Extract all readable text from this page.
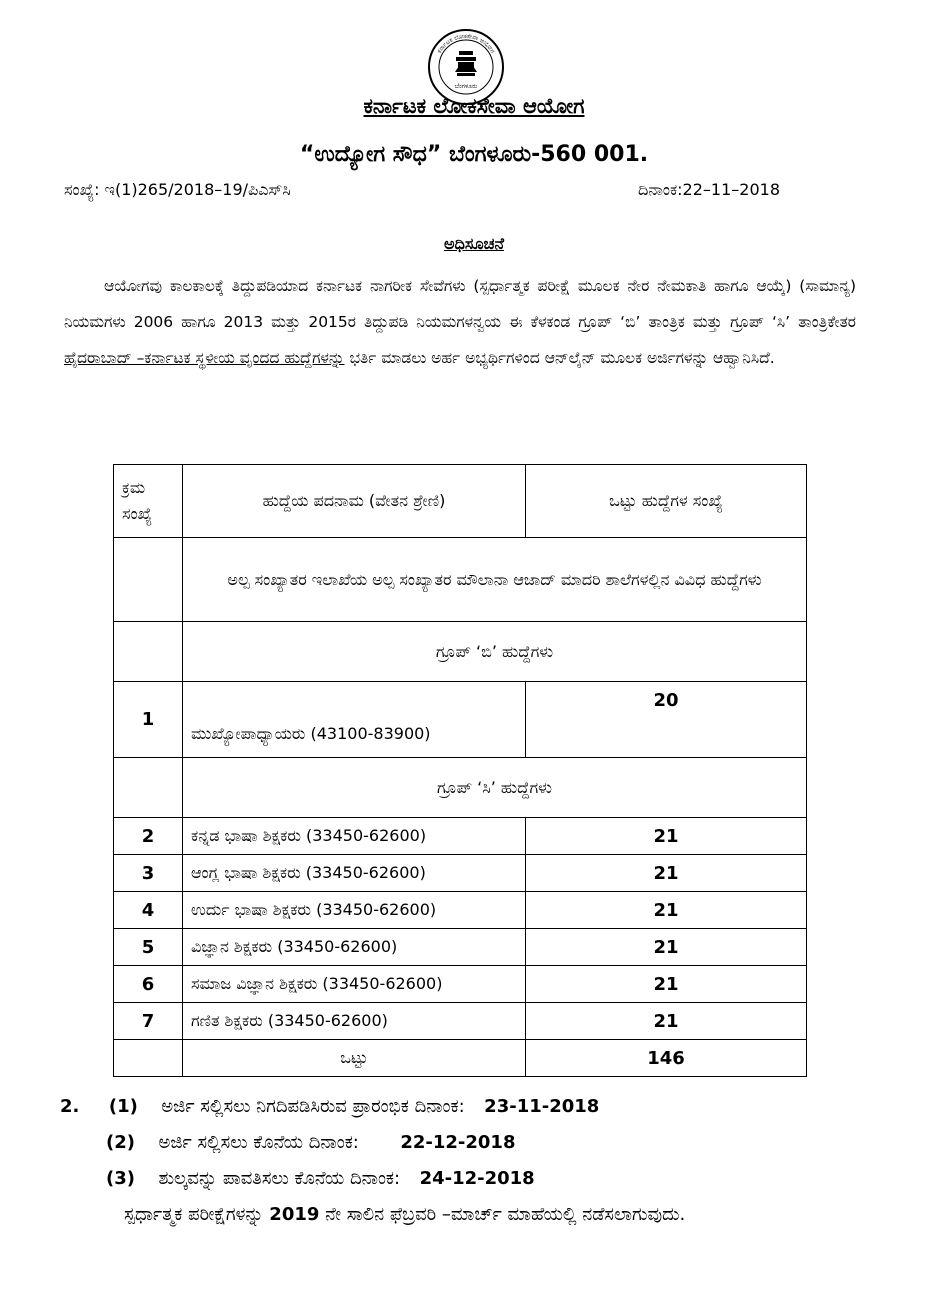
ಕರ್ನಾಟಕ ಲೋಕಸೇವಾ ಆಯೋಗ
ಬೆಂಗಳೂರು
ಕರ್ನಾಟಕ ಲೋಕಸೇವಾ ಆಯೋಗ
“ಉದ್ಯೋಗ ಸೌಧ” ಬೆಂಗಳೂರು-560 001.
ಸಂಖ್ಯೆ: ಇ(1)265/2018–19/ಪಿಎಸ್‌ಸಿ	ದಿನಾಂಕ:22–11–2018
ಅಧಿಸೂಚನೆ

ಆಯೋಗವು ಕಾಲಕಾಲಕ್ಕೆ ತಿದ್ದುಪಡಿಯಾದ ಕರ್ನಾಟಕ ನಾಗರೀಕ ಸೇವೆಗಳು (ಸ್ಪರ್ಧಾತ್ಮಕ ಪರೀಕ್ಷೆ ಮೂಲಕ ನೇರ ನೇಮಕಾತಿ ಹಾಗೂ ಆಯ್ಕೆ) (ಸಾಮಾನ್ಯ) ನಿಯಮಗಳು 2006 ಹಾಗೂ 2013 ಮತ್ತು 2015ರ ತಿದ್ದುಪಡಿ ನಿಯಮಗಳನ್ವಯ ಈ ಕೆಳಕಂಡ ಗ್ರೂಪ್ ‘ಬಿ’ ತಾಂತ್ರಿಕ ಮತ್ತು ಗ್ರೂಪ್ ‘ಸಿ’ ತಾಂತ್ರಿಕೇತರ ಹೈದರಾಬಾದ್ –ಕರ್ನಾಟಕ ಸ್ಥಳೀಯ ವೃಂದದ ಹುದ್ದೆಗಳನ್ನು ಭರ್ತಿ ಮಾಡಲು ಅರ್ಹ ಅಭ್ಯರ್ಥಿಗಳಿಂದ ಆನ್‌ಲೈನ್ ಮೂಲಕ ಅರ್ಜಿಗಳನ್ನು ಆಹ್ವಾನಿಸಿದೆ.

ಕ್ರಮ ಸಂಖ್ಯೆ	ಹುದ್ದೆಯ ಪದನಾಮ (ವೇತನ ಶ್ರೇಣಿ)	ಒಟ್ಟು ಹುದ್ದೆಗಳ ಸಂಖ್ಯೆ
	ಅಲ್ಪ ಸಂಖ್ಯಾತರ ಇಲಾಖೆಯ ಅಲ್ಪ ಸಂಖ್ಯಾತರ ಮೌಲಾನಾ ಆಜಾದ್ ಮಾದರಿ ಶಾಲೆಗಳಲ್ಲಿನ ವಿವಿಧ ಹುದ್ದೆಗಳು	
	ಗ್ರೂಪ್ ‘ಬಿ’ ಹುದ್ದೆಗಳು	
1	ಮುಖ್ಯೋಪಾಧ್ಯಾಯರು (43100-83900)	20
	ಗ್ರೂಪ್ ‘ಸಿ’ ಹುದ್ದೆಗಳು	
2	ಕನ್ನಡ ಭಾಷಾ ಶಿಕ್ಷಕರು (33450-62600)	21
3	ಆಂಗ್ಲ ಭಾಷಾ ಶಿಕ್ಷಕರು (33450-62600)	21
4	ಉರ್ದು ಭಾಷಾ ಶಿಕ್ಷಕರು (33450-62600)	21
5	ವಿಜ್ಞಾನ ಶಿಕ್ಷಕರು (33450-62600)	21
6	ಸಮಾಜ ವಿಜ್ಞಾನ ಶಿಕ್ಷಕರು (33450-62600)	21
7	ಗಣಿತ ಶಿಕ್ಷಕರು (33450-62600)	21
	ಒಟ್ಟು	146
2. (1) ಅರ್ಜಿ ಸಲ್ಲಿಸಲು ನಿಗದಿಪಡಿಸಿರುವ ಪ್ರಾರಂಭಿಕ ದಿನಾಂಕ: 23-11-2018
(2) ಅರ್ಜಿ ಸಲ್ಲಿಸಲು ಕೊನೆಯ ದಿನಾಂಕ: 22-12-2018
(3) ಶುಲ್ಕವನ್ನು ಪಾವತಿಸಲು ಕೊನೆಯ ದಿನಾಂಕ: 24-12-2018
ಸ್ಪರ್ಧಾತ್ಮಕ ಪರೀಕ್ಷೆಗಳನ್ನು 2019 ನೇ ಸಾಲಿನ ಫೆಬ್ರವರಿ –ಮಾರ್ಚ್ ಮಾಹೆಯಲ್ಲಿ ನಡೆಸಲಾಗುವುದು.
